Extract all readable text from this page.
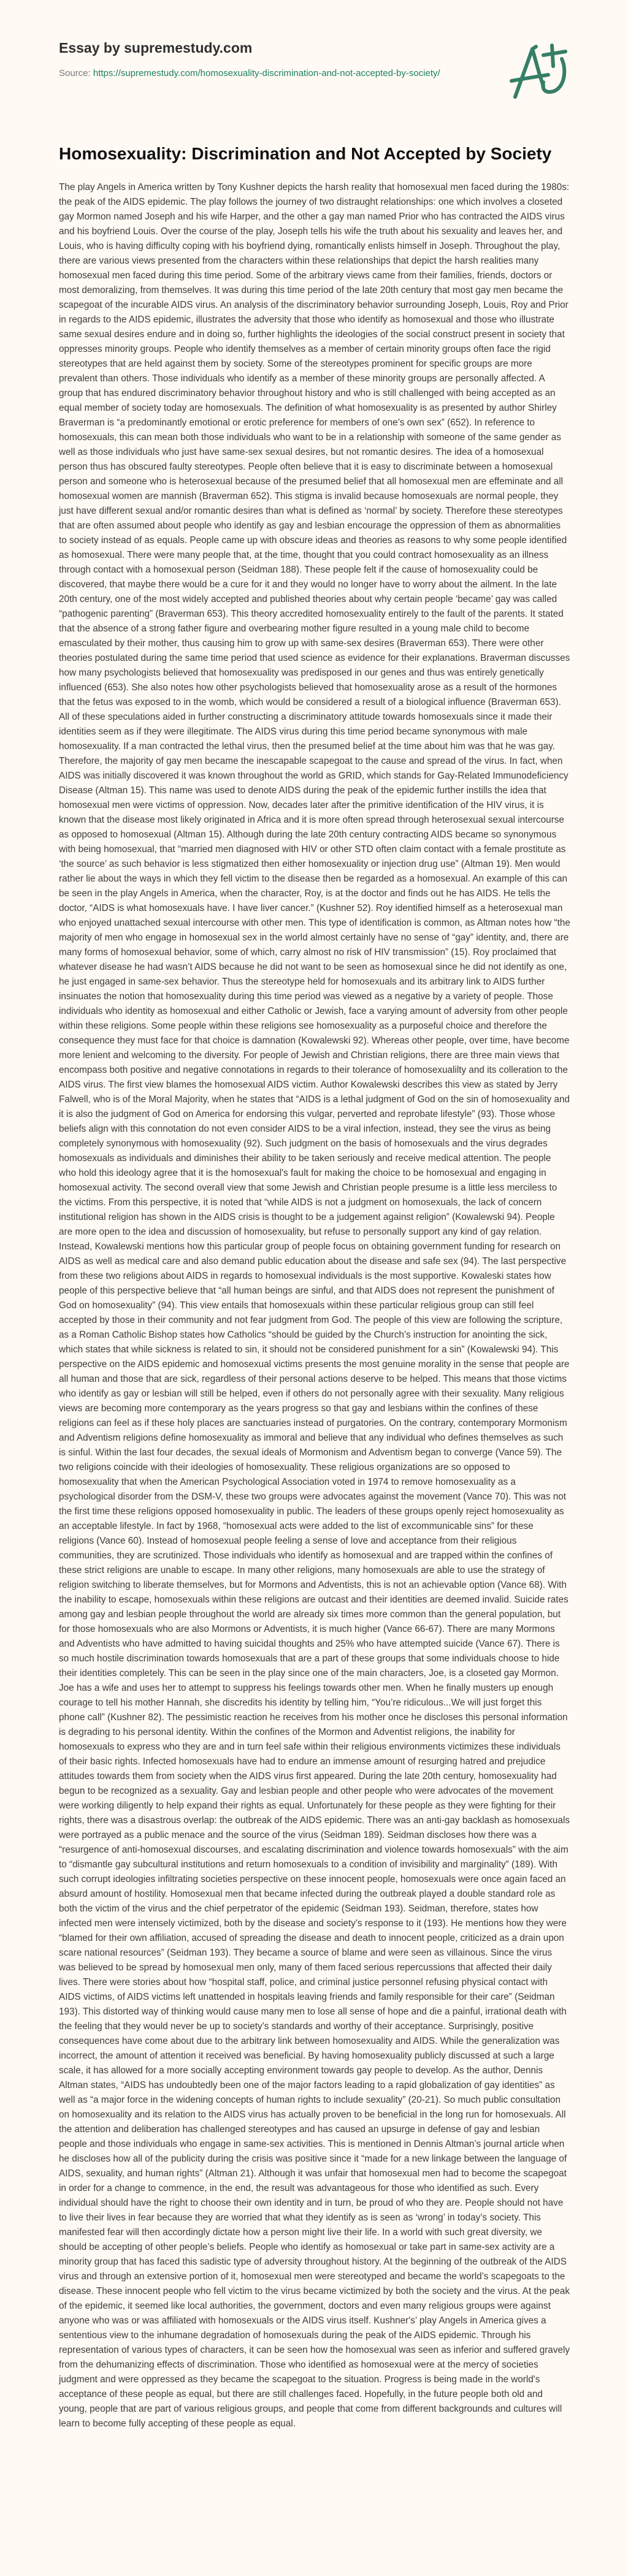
Essay by supremestudy.com
Source: https://supremestudy.com/homosexuality-discrimination-and-not-accepted-by-society/
Homosexuality: Discrimination and Not Accepted by Society

The play Angels in America written by Tony Kushner depicts the harsh reality that homosexual men faced during the 1980s: the peak of the AIDS epidemic. The play follows the journey of two distraught relationships: one which involves a closeted gay Mormon named Joseph and his wife Harper, and the other a gay man named Prior who has contracted the AIDS virus and his boyfriend Louis. Over the course of the play, Joseph tells his wife the truth about his sexuality and leaves her, and Louis, who is having difficulty coping with his boyfriend dying, romantically enlists himself in Joseph. Throughout the play, there are various views presented from the characters within these relationships that depict the harsh realities many homosexual men faced during this time period. Some of the arbitrary views came from their families, friends, doctors or most demoralizing, from themselves. It was during this time period of the late 20th century that most gay men became the scapegoat of the incurable AIDS virus. An analysis of the discriminatory behavior surrounding Joseph, Louis, Roy and Prior in regards to the AIDS epidemic, illustrates the adversity that those who identify as homosexual and those who illustrate same sexual desires endure and in doing so, further highlights the ideologies of the social construct present in society that oppresses minority groups. People who identify themselves as a member of certain minority groups often face the rigid stereotypes that are held against them by society. Some of the stereotypes prominent for specific groups are more prevalent than others. Those individuals who identify as a member of these minority groups are personally affected. A group that has endured discriminatory behavior throughout history and who is still challenged with being accepted as an equal member of society today are homosexuals. The definition of what homosexuality is as presented by author Shirley Braverman is “a predominantly emotional or erotic preference for members of one’s own sex” (652). In reference to homosexuals, this can mean both those individuals who want to be in a relationship with someone of the same gender as well as those individuals who just have same-sex sexual desires, but not romantic desires. The idea of a homosexual person thus has obscured faulty stereotypes. People often believe that it is easy to discriminate between a homosexual person and someone who is heterosexual because of the presumed belief that all homosexual men are effeminate and all homosexual women are mannish (Braverman 652). This stigma is invalid because homosexuals are normal people, they just have different sexual and/or romantic desires than what is defined as ‘normal’ by society. Therefore these stereotypes that are often assumed about people who identify as gay and lesbian encourage the oppression of them as abnormalities to society instead of as equals. People came up with obscure ideas and theories as reasons to why some people identified as homosexual. There were many people that, at the time, thought that you could contract homosexuality as an illness through contact with a homosexual person (Seidman 188). These people felt if the cause of homosexuality could be discovered, that maybe there would be a cure for it and they would no longer have to worry about the ailment. In the late 20th century, one of the most widely accepted and published theories about why certain people ‘became’ gay was called “pathogenic parenting” (Braverman 653). This theory accredited homosexuality entirely to the fault of the parents. It stated that the absence of a strong father figure and overbearing mother figure resulted in a young male child to become emasculated by their mother, thus causing him to grow up with same-sex desires (Braverman 653). There were other theories postulated during the same time period that used science as evidence for their explanations. Braverman discusses how many psychologists believed that homosexuality was predisposed in our genes and thus was entirely genetically influenced (653). She also notes how other psychologists believed that homosexuality arose as a result of the hormones that the fetus was exposed to in the womb, which would be considered a result of a biological influence (Braverman 653). All of these speculations aided in further constructing a discriminatory attitude towards homosexuals since it made their identities seem as if they were illegitimate. The AIDS virus during this time period became synonymous with male homosexuality. If a man contracted the lethal virus, then the presumed belief at the time about him was that he was gay. Therefore, the majority of gay men became the inescapable scapegoat to the cause and spread of the virus. In fact, when AIDS was initially discovered it was known throughout the world as GRID, which stands for Gay-Related Immunodeficiency Disease (Altman 15). This name was used to denote AIDS during the peak of the epidemic further instills the idea that homosexual men were victims of oppression. Now, decades later after the primitive identification of the HIV virus, it is known that the disease most likely originated in Africa and it is more often spread through heterosexual sexual intercourse as opposed to homosexual (Altman 15). Although during the late 20th century contracting AIDS became so synonymous with being homosexual, that “married men diagnosed with HIV or other STD often claim contact with a female prostitute as ‘the source’ as such behavior is less stigmatized then either homosexuality or injection drug use” (Altman 19). Men would rather lie about the ways in which they fell victim to the disease then be regarded as a homosexual. An example of this can be seen in the play Angels in America, when the character, Roy, is at the doctor and finds out he has AIDS. He tells the doctor, “AIDS is what homosexuals have. I have liver cancer.” (Kushner 52). Roy identified himself as a heterosexual man who enjoyed unattached sexual intercourse with other men. This type of identification is common, as Altman notes how “the majority of men who engage in homosexual sex in the world almost certainly have no sense of “gay” identity, and, there are many forms of homosexual behavior, some of which, carry almost no risk of HIV transmission” (15). Roy proclaimed that whatever disease he had wasn’t AIDS because he did not want to be seen as homosexual since he did not identify as one, he just engaged in same-sex behavior. Thus the stereotype held for homosexuals and its arbitrary link to AIDS further insinuates the notion that homosexuality during this time period was viewed as a negative by a variety of people. Those individuals who identity as homosexual and either Catholic or Jewish, face a varying amount of adversity from other people within these religions. Some people within these religions see homosexuality as a purposeful choice and therefore the consequence they must face for that choice is damnation (Kowalewski 92). Whereas other people, over time, have become more lenient and welcoming to the diversity. For people of Jewish and Christian religions, there are three main views that encompass both positive and negative connotations in regards to their tolerance of homosexualilty and its colleration to the AIDS virus. The first view blames the homosexual AIDS victim. Author Kowalewski describes this view as stated by Jerry Falwell, who is of the Moral Majority, when he states that “AIDS is a lethal judgment of God on the sin of homosexuality and it is also the judgment of God on America for endorsing this vulgar, perverted and reprobate lifestyle” (93). Those whose beliefs align with this connotation do not even consider AIDS to be a viral infection, instead, they see the virus as being completely synonymous with homosexuality (92). Such judgment on the basis of homosexuals and the virus degrades homosexuals as individuals and diminishes their ability to be taken seriously and receive medical attention. The people who hold this ideology agree that it is the homosexual's fault for making the choice to be homosexual and engaging in homosexual activity. The second overall view that some Jewish and Christian people presume is a little less merciless to the victims. From this perspective, it is noted that “while AIDS is not a judgment on homosexuals, the lack of concern institutional religion has shown in the AIDS crisis is thought to be a judgement against religion” (Kowalewski 94). People are more open to the idea and discussion of homosexuality, but refuse to personally support any kind of gay relation. Instead, Kowalewski mentions how this particular group of people focus on obtaining government funding for research on AIDS as well as medical care and also demand public education about the disease and safe sex (94). The last perspective from these two religions about AIDS in regards to homosexual individuals is the most supportive. Kowaleski states how people of this perspective believe that “all human beings are sinful, and that AIDS does not represent the punishment of God on homosexuality” (94). This view entails that homosexuals within these particular religious group can still feel accepted by those in their community and not fear judgment from God. The people of this view are following the scripture, as a Roman Catholic Bishop states how Catholics “should be guided by the Church’s instruction for anointing the sick, which states that while sickness is related to sin, it should not be considered punishment for a sin” (Kowalewski 94). This perspective on the AIDS epidemic and homosexual victims presents the most genuine morality in the sense that people are all human and those that are sick, regardless of their personal actions deserve to be helped. This means that those victims who identify as gay or lesbian will still be helped, even if others do not personally agree with their sexuality. Many religious views are becoming more contemporary as the years progress so that gay and lesbians within the confines of these religions can feel as if these holy places are sanctuaries instead of purgatories. On the contrary, contemporary Mormonism and Adventism religions define homosexuality as immoral and believe that any individual who defines themselves as such is sinful. Within the last four decades, the sexual ideals of Mormonism and Adventism began to converge (Vance 59). The two religions coincide with their ideologies of homosexuality. These religious organizations are so opposed to homosexuality that when the American Psychological Association voted in 1974 to remove homosexuality as a psychological disorder from the DSM-V, these two groups were advocates against the movement (Vance 70). This was not the first time these religions opposed homosexuality in public. The leaders of these groups openly reject homosexuality as an acceptable lifestyle. In fact by 1968, “homosexual acts were added to the list of excommunicable sins” for these religions (Vance 60). Instead of homosexual people feeling a sense of love and acceptance from their religious communities, they are scrutinized. Those individuals who identify as homosexual and are trapped within the confines of these strict religions are unable to escape. In many other religions, many homosexuals are able to use the strategy of religion switching to liberate themselves, but for Mormons and Adventists, this is not an achievable option (Vance 68). With the inability to escape, homosexuals within these religions are outcast and their identities are deemed invalid. Suicide rates among gay and lesbian people throughout the world are already six times more common than the general population, but for those homosexuals who are also Mormons or Adventists, it is much higher (Vance 66-67). There are many Mormons and Adventists who have admitted to having suicidal thoughts and 25% who have attempted suicide (Vance 67). There is so much hostile discrimination towards homosexuals that are a part of these groups that some individuals choose to hide their identities completely. This can be seen in the play since one of the main characters, Joe, is a closeted gay Mormon. Joe has a wife and uses her to attempt to suppress his feelings towards other men. When he finally musters up enough courage to tell his mother Hannah, she discredits his identity by telling him, “You’re ridiculous...We will just forget this phone call” (Kushner 82). The pessimistic reaction he receives from his mother once he discloses this personal information is degrading to his personal identity. Within the confines of the Mormon and Adventist religions, the inability for homosexuals to express who they are and in turn feel safe within their religious environments victimizes these individuals of their basic rights. Infected homosexuals have had to endure an immense amount of resurging hatred and prejudice attitudes towards them from society when the AIDS virus first appeared. During the late 20th century, homosexuality had begun to be recognized as a sexuality. Gay and lesbian people and other people who were advocates of the movement were working diligently to help expand their rights as equal. Unfortunately for these people as they were fighting for their rights, there was a disastrous overlap: the outbreak of the AIDS epidemic. There was an anti-gay backlash as homosexuals were portrayed as a public menace and the source of the virus (Seidman 189). Seidman discloses how there was a “resurgence of anti-homosexual discourses, and escalating discrimination and violence towards homosexuals” with the aim to “dismantle gay subcultural institutions and return homosexuals to a condition of invisibility and marginality” (189). With such corrupt ideologies infiltrating societies perspective on these innocent people, homosexuals were once again faced an absurd amount of hostility. Homosexual men that became infected during the outbreak played a double standard role as both the victim of the virus and the chief perpetrator of the epidemic (Seidman 193). Seidman, therefore, states how infected men were intensely victimized, both by the disease and society’s response to it (193). He mentions how they were “blamed for their own affiliation, accused of spreading the disease and death to innocent people, criticized as a drain upon scare national resources” (Seidman 193). They became a source of blame and were seen as villainous. Since the virus was believed to be spread by homosexual men only, many of them faced serious repercussions that affected their daily lives. There were stories about how “hospital staff, police, and criminal justice personnel refusing physical contact with AIDS victims, of AIDS victims left unattended in hospitals leaving friends and family responsible for their care” (Seidman 193). This distorted way of thinking would cause many men to lose all sense of hope and die a painful, irrational death with the feeling that they would never be up to society’s standards and worthy of their acceptance. Surprisingly, positive consequences have come about due to the arbitrary link between homosexuality and AIDS. While the generalization was incorrect, the amount of attention it received was beneficial. By having homosexuality publicly discussed at such a large scale, it has allowed for a more socially accepting environment towards gay people to develop. As the author, Dennis Altman states, “AIDS has undoubtedly been one of the major factors leading to a rapid globalization of gay identities” as well as “a major force in the widening concepts of human rights to include sexuality” (20-21). So much public consultation on homosexuality and its relation to the AIDS virus has actually proven to be beneficial in the long run for homosexuals. All the attention and deliberation has challenged stereotypes and has caused an upsurge in defense of gay and lesbian people and those individuals who engage in same-sex activities. This is mentioned in Dennis Altman’s journal article when he discloses how all of the publicity during the crisis was positive since it “made for a new linkage between the language of AIDS, sexuality, and human rights” (Altman 21). Although it was unfair that homosexual men had to become the scapegoat in order for a change to commence, in the end, the result was advantageous for those who identified as such. Every individual should have the right to choose their own identity and in turn, be proud of who they are. People should not have to live their lives in fear because they are worried that what they identify as is seen as ‘wrong’ in today’s society. This manifested fear will then accordingly dictate how a person might live their life. In a world with such great diversity, we should be accepting of other people’s beliefs. People who identify as homosexual or take part in same-sex activity are a minority group that has faced this sadistic type of adversity throughout history. At the beginning of the outbreak of the AIDS virus and through an extensive portion of it, homosexual men were stereotyped and became the world’s scapegoats to the disease. These innocent people who fell victim to the virus became victimized by both the society and the virus. At the peak of the epidemic, it seemed like local authorities, the government, doctors and even many religious groups were against anyone who was or was affiliated with homosexuals or the AIDS virus itself. Kushner's’ play Angels in America gives a sententious view to the inhumane degradation of homosexuals during the peak of the AIDS epidemic. Through his representation of various types of characters, it can be seen how the homosexual was seen as inferior and suffered gravely from the dehumanizing effects of discrimination. Those who identified as homosexual were at the mercy of societies judgment and were oppressed as they became the scapegoat to the situation. Progress is being made in the world's acceptance of these people as equal, but there are still challenges faced. Hopefully, in the future people both old and young, people that are part of various religious groups, and people that come from different backgrounds and cultures will learn to become fully accepting of these people as equal.
